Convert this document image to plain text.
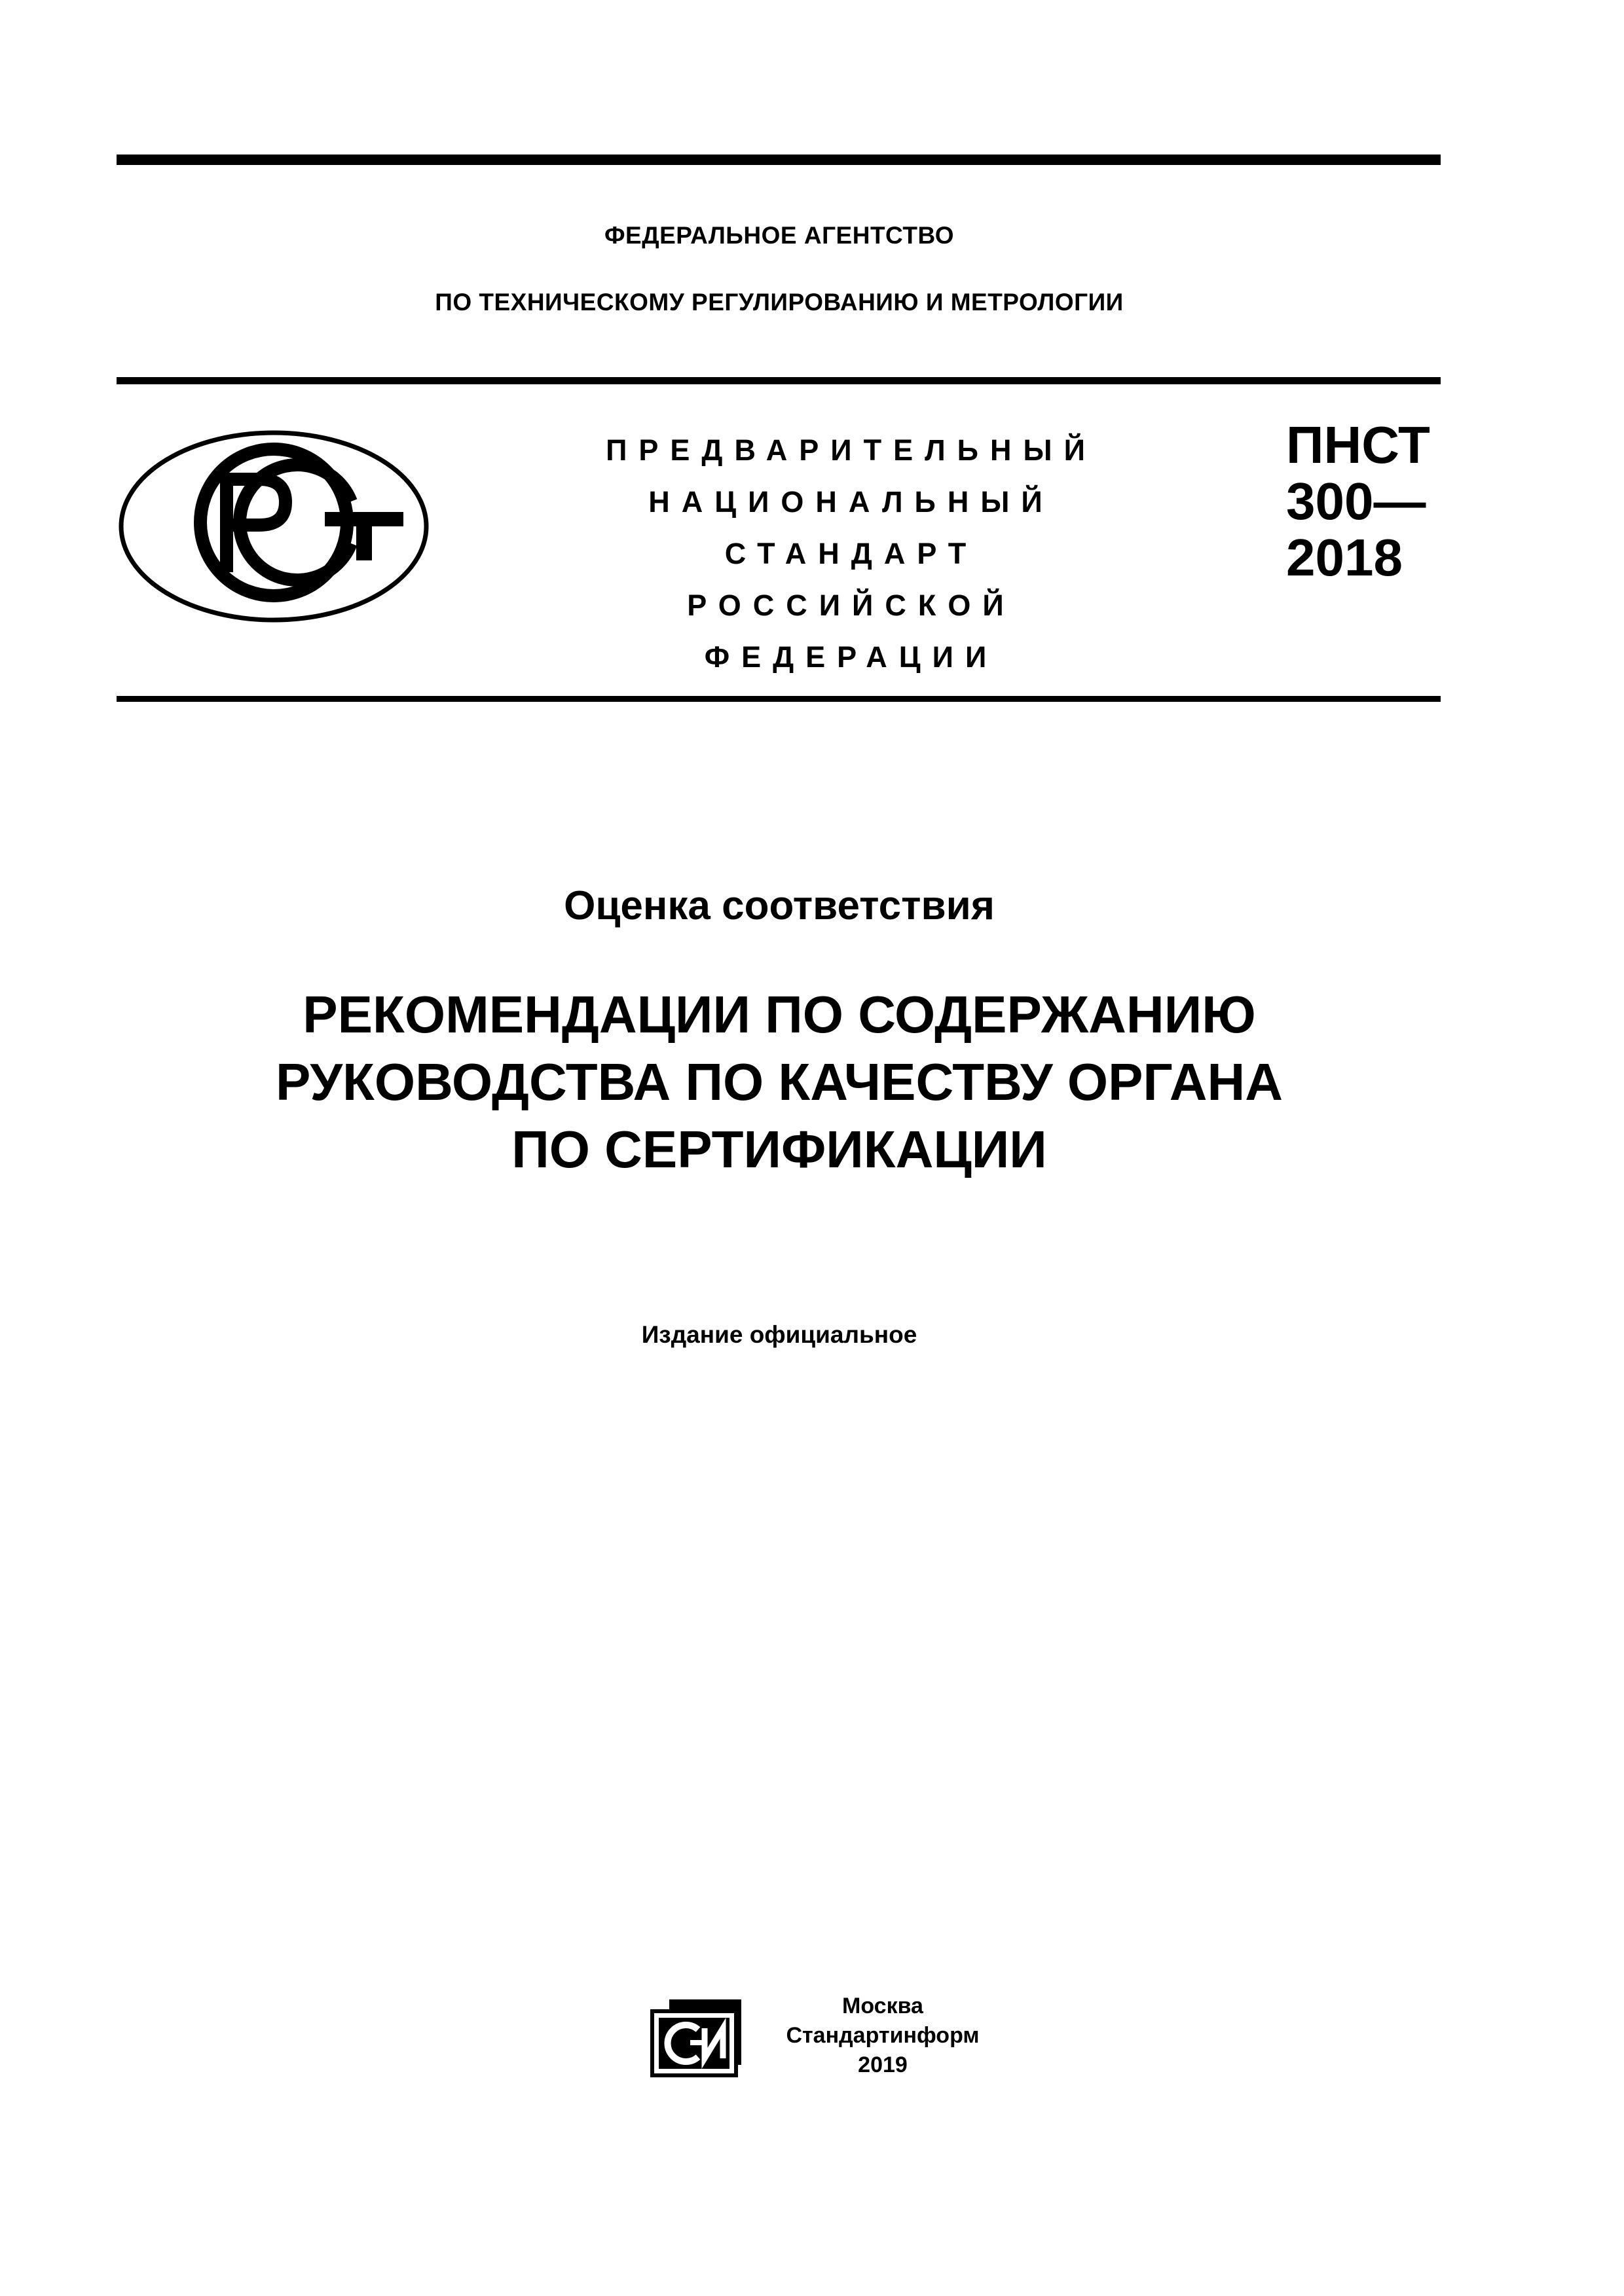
ФЕДЕРАЛЬНОЕ АГЕНТСТВО
ПО ТЕХНИЧЕСКОМУ РЕГУЛИРОВАНИЮ И МЕТРОЛОГИИ
ПРЕДВАРИТЕЛЬНЫЙ
НАЦИОНАЛЬНЫЙ
СТАНДАРТ
РОССИЙСКОЙ
ФЕДЕРАЦИИ
ПНСТ
300—
2018
Оценка соответствия
РЕКОМЕНДАЦИИ ПО СОДЕРЖАНИЮ
РУКОВОДСТВА ПО КАЧЕСТВУ ОРГАНА
ПО СЕРТИФИКАЦИИ
Издание официальное
Москва
Стандартинформ
2019
